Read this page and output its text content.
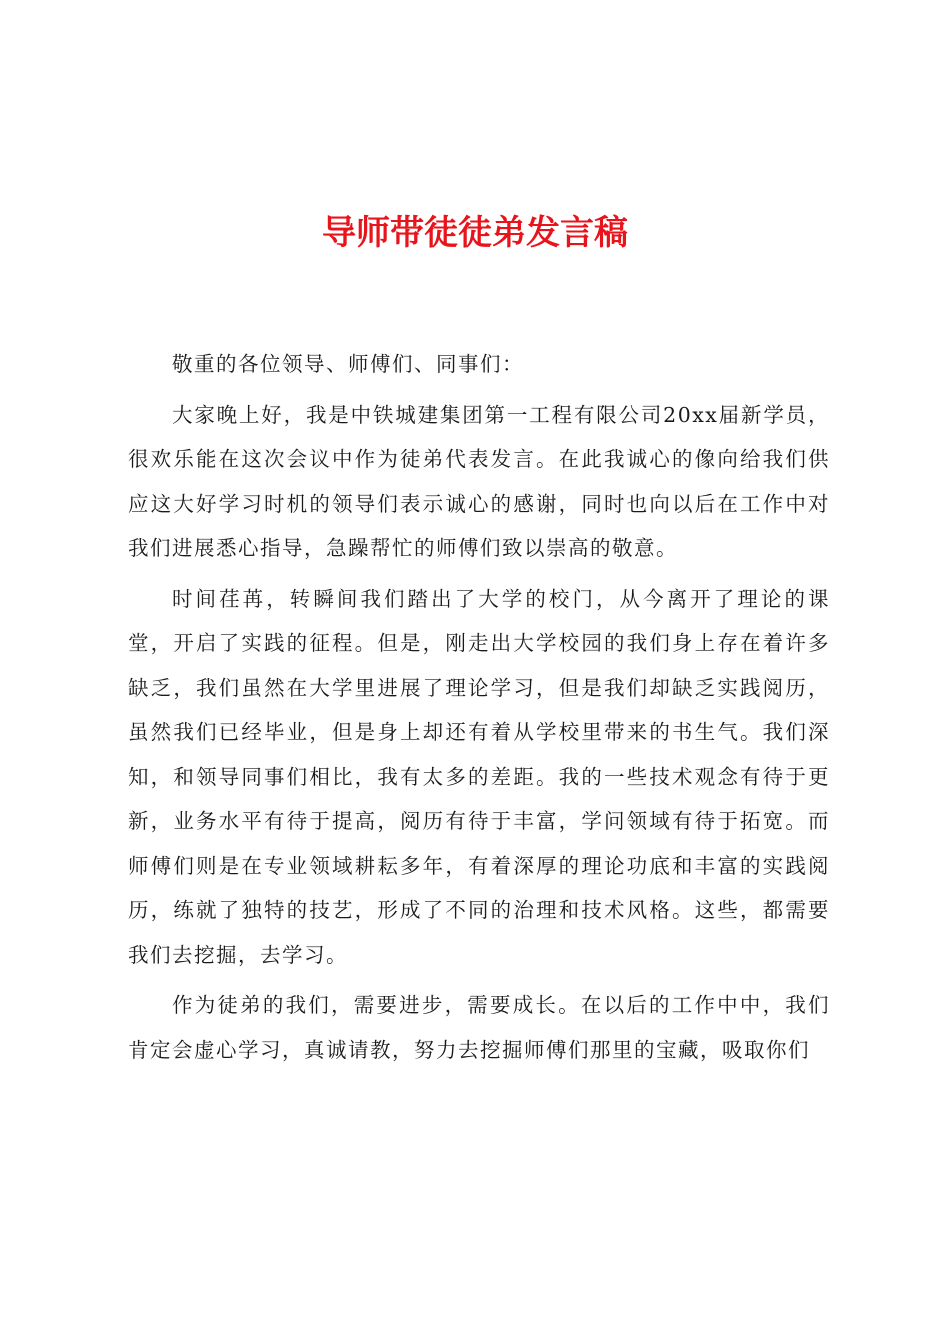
导师带徒徒弟发言稿

敬重的各位领导、师傅们、同事们：

大家晚上好，我是中铁城建集团第一工程有限公司20xx届新学员，很欢乐能在这次会议中作为徒弟代表发言。在此我诚心的像向给我们供应这大好学习时机的领导们表示诚心的感谢，同时也向以后在工作中对我们进展悉心指导，急躁帮忙的师傅们致以崇高的敬意。

时间荏苒，转瞬间我们踏出了大学的校门，从今离开了理论的课堂，开启了实践的征程。但是，刚走出大学校园的我们身上存在着许多缺乏，我们虽然在大学里进展了理论学习，但是我们却缺乏实践阅历，虽然我们已经毕业，但是身上却还有着从学校里带来的书生气。我们深知，和领导同事们相比，我有太多的差距。我的一些技术观念有待于更新，业务水平有待于提高，阅历有待于丰富，学问领域有待于拓宽。而师傅们则是在专业领域耕耘多年，有着深厚的理论功底和丰富的实践阅历，练就了独特的技艺，形成了不同的治理和技术风格。这些，都需要我们去挖掘，去学习。

作为徒弟的我们，需要进步，需要成长。在以后的工作中中，我们肯定会虚心学习，真诚请教，努力去挖掘师傅们那里的宝藏，吸取你们
